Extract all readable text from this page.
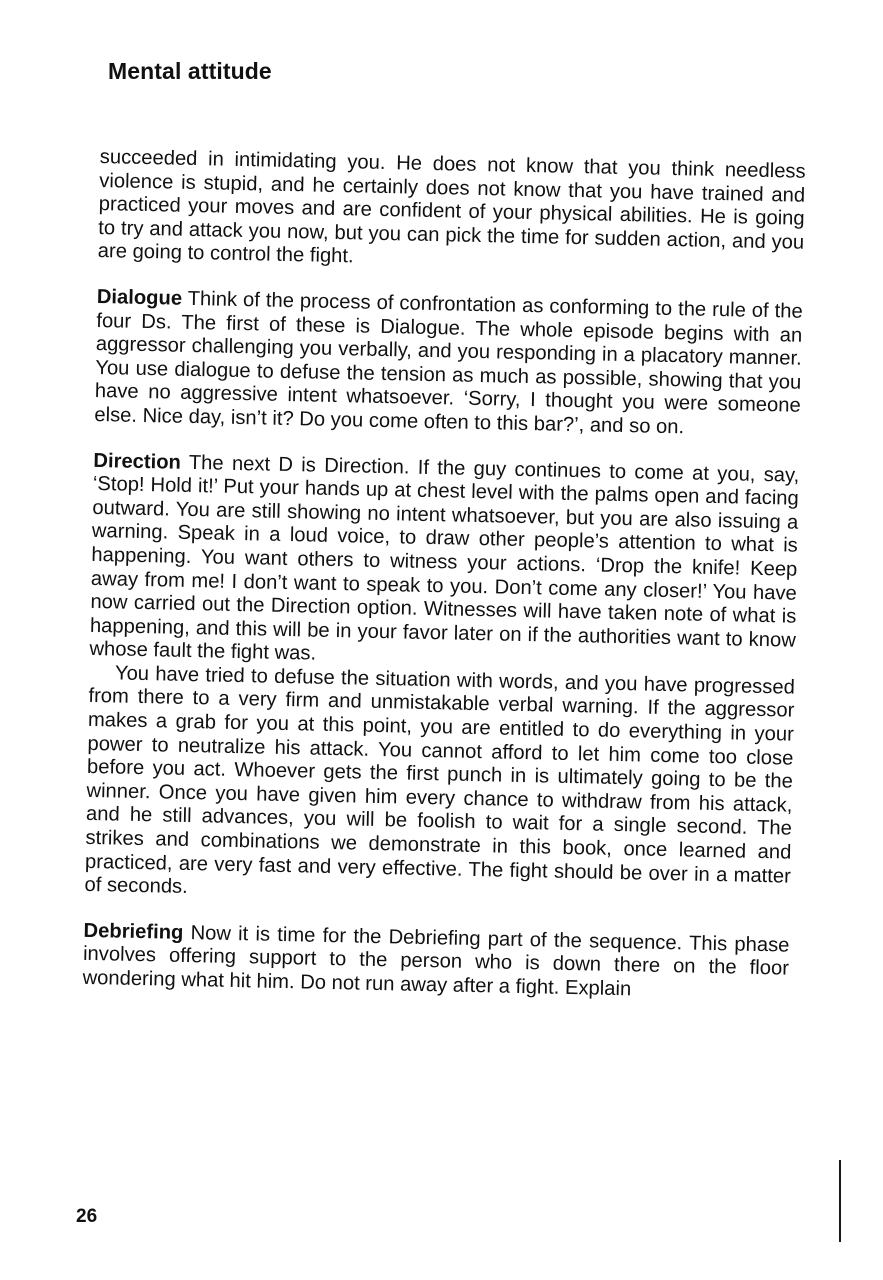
Mental attitude

succeeded in intimidating you. He does not know that you think needless violence is stupid, and he certainly does not know that you have trained and practiced your moves and are confident of your physical abilities. He is going to try and attack you now, but you can pick the time for sudden action, and you are going to control the fight.

Dialogue Think of the process of confrontation as conforming to the rule of the four Ds. The first of these is Dialogue. The whole episode begins with an aggressor challenging you verbally, and you responding in a placatory manner. You use dialogue to defuse the tension as much as possible, showing that you have no aggressive intent whatsoever. ‘Sorry, I thought you were someone else. Nice day, isn’t it? Do you come often to this bar?’, and so on.

Direction The next D is Direction. If the guy continues to come at you, say, ‘Stop! Hold it!’ Put your hands up at chest level with the palms open and facing outward. You are still showing no intent whatsoever, but you are also issuing a warning. Speak in a loud voice, to draw other people’s attention to what is happening. You want others to witness your actions. ‘Drop the knife! Keep away from me! I don’t want to speak to you. Don’t come any closer!’ You have now carried out the Direction option. Witnesses will have taken note of what is happening, and this will be in your favor later on if the authorities want to know whose fault the fight was.

You have tried to defuse the situation with words, and you have progressed from there to a very firm and unmistakable verbal warning. If the aggressor makes a grab for you at this point, you are entitled to do everything in your power to neutralize his attack. You cannot afford to let him come too close before you act. Whoever gets the first punch in is ultimately going to be the winner. Once you have given him every chance to withdraw from his attack, and he still advances, you will be foolish to wait for a single second. The strikes and combinations we demonstrate in this book, once learned and practiced, are very fast and very effective. The fight should be over in a matter of seconds.

Debriefing Now it is time for the Debriefing part of the sequence. This phase involves offering support to the person who is down there on the floor wondering what hit him. Do not run away after a fight. Explain

26
